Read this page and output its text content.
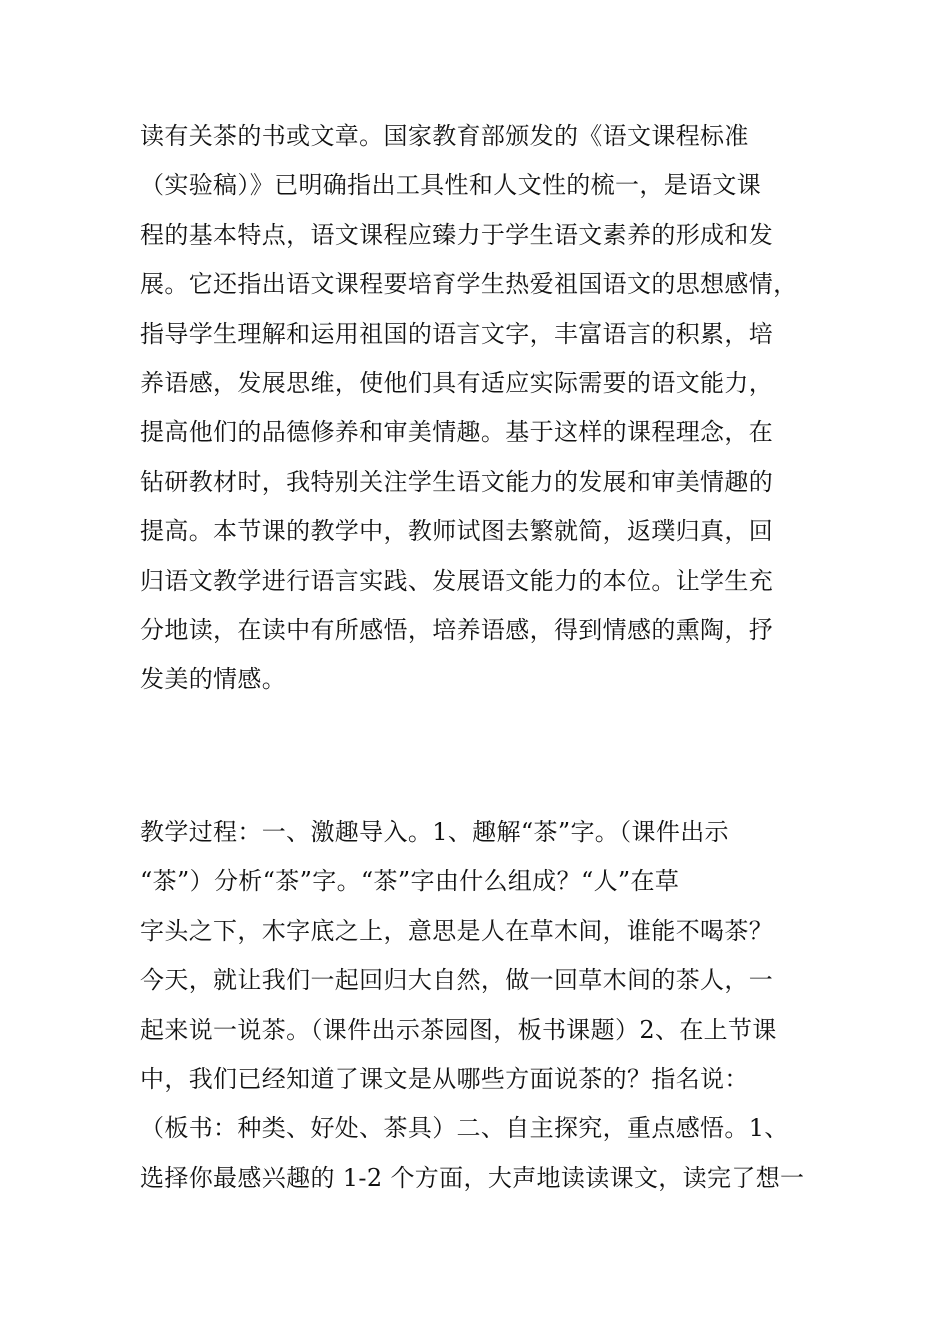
读有关茶的书或文章。国家教育部颁发的《语文课程标准
（实验稿）》已明确指出工具性和人文性的梳一，是语文课
程的基本特点，语文课程应臻力于学生语文素养的形成和发
展。它还指出语文课程要培育学生热爱祖国语文的思想感情，
指导学生理解和运用祖国的语言文字，丰富语言的积累，培
养语感，发展思维，使他们具有适应实际需要的语文能力，
提高他们的品德修养和审美情趣。基于这样的课程理念，在
钻研教材时，我特别关注学生语文能力的发展和审美情趣的
提高。本节课的教学中，教师试图去繁就简，返璞归真，回
归语文教学进行语言实践、发展语文能力的本位。让学生充
分地读，在读中有所感悟，培养语感，得到情感的熏陶，抒
发美的情感。
教学过程：一、激趣导入。1、趣解“茶”字。（课件出示
“茶”）分析“茶”字。“茶”字由什么组成？“人”在草
字头之下，木字底之上，意思是人在草木间，谁能不喝茶？
今天，就让我们一起回归大自然，做一回草木间的茶人，一
起来说一说茶。（课件出示茶园图，板书课题）2、在上节课
中，我们已经知道了课文是从哪些方面说茶的？指名说：
（板书：种类、好处、茶具）二、自主探究，重点感悟。1、
选择你最感兴趣的 1-2 个方面，大声地读读课文，读完了想一
